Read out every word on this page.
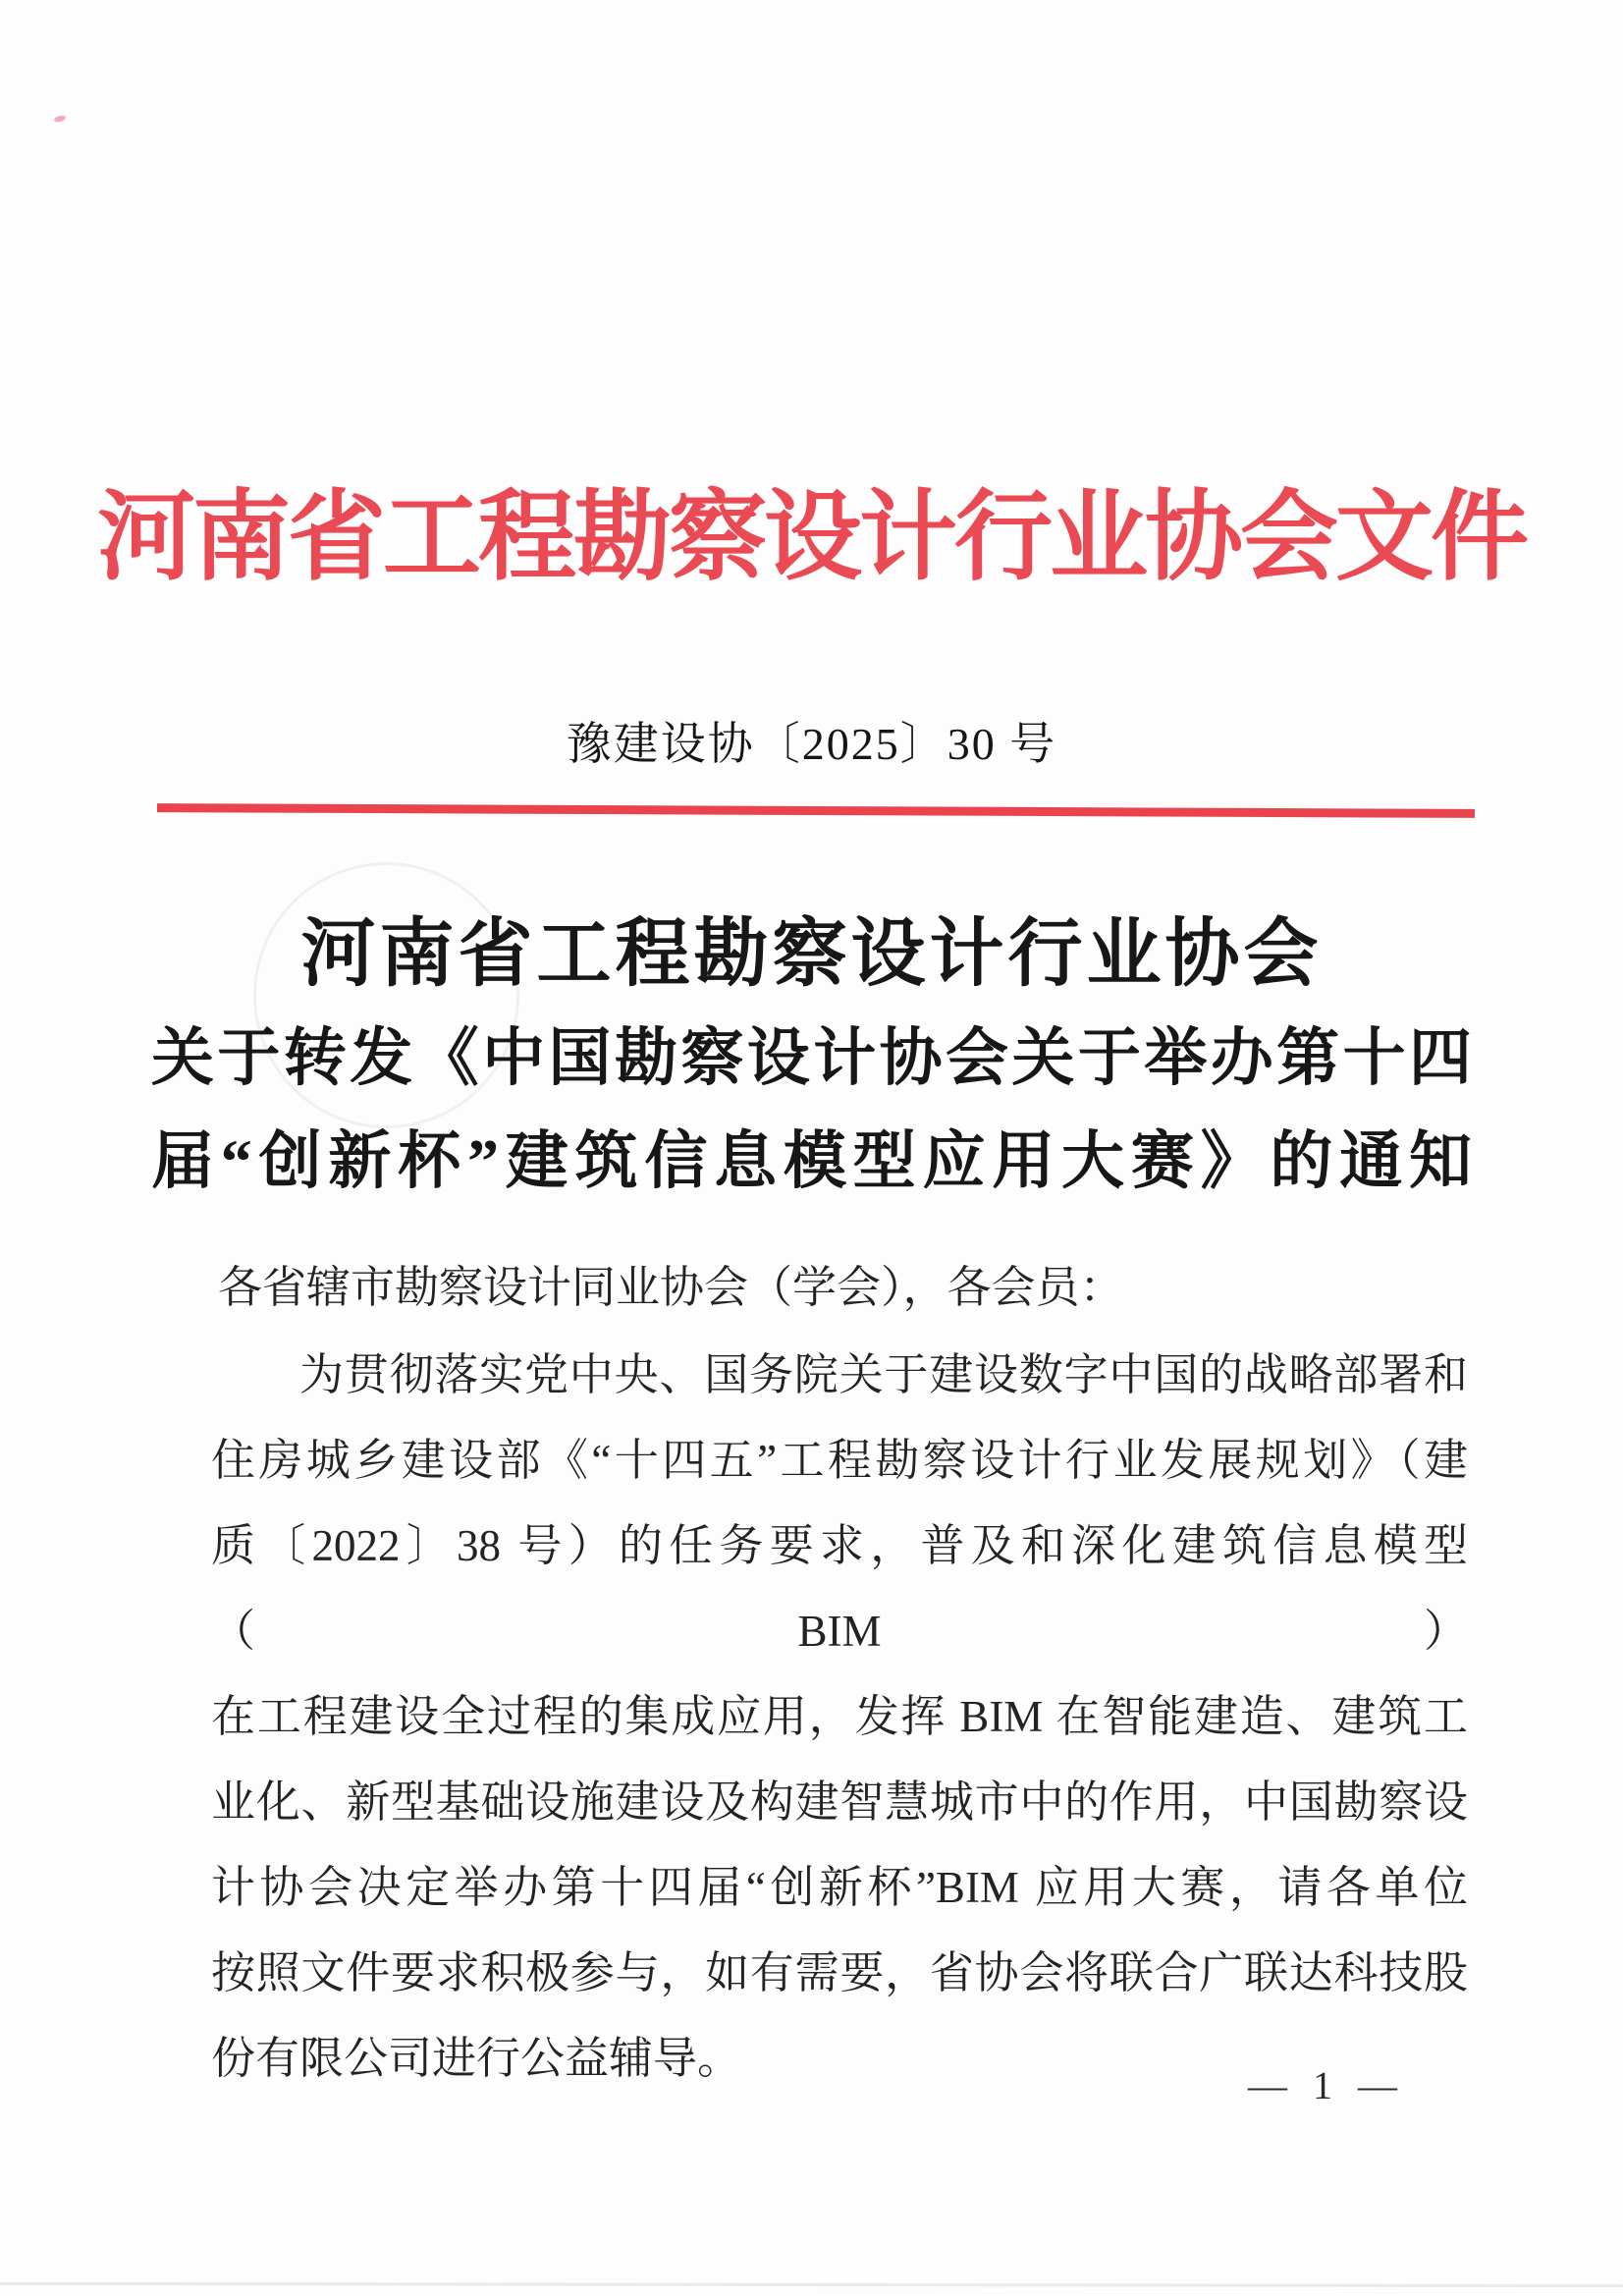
河南省工程勘察设计行业协会文件
豫建设协〔2025〕30 号
河南省工程勘察设计行业协会
关于转发《中国勘察设计协会关于举办第十四
届“创新杯”建筑信息模型应用大赛》的通知
各省辖市勘察设计同业协会（学会），各会员：
为贯彻落实党中央、国务院关于建设数字中国的战略部署和
住房城乡建设部《“十四五”工程勘察设计行业发展规划》（建
质〔2022〕38 号）的任务要求，普及和深化建筑信息模型（BIM）
在工程建设全过程的集成应用，发挥 BIM 在智能建造、建筑工
业化、新型基础设施建设及构建智慧城市中的作用，中国勘察设
计协会决定举办第十四届“创新杯”BIM 应用大赛，请各单位
按照文件要求积极参与，如有需要，省协会将联合广联达科技股
份有限公司进行公益辅导。
— 1 —
